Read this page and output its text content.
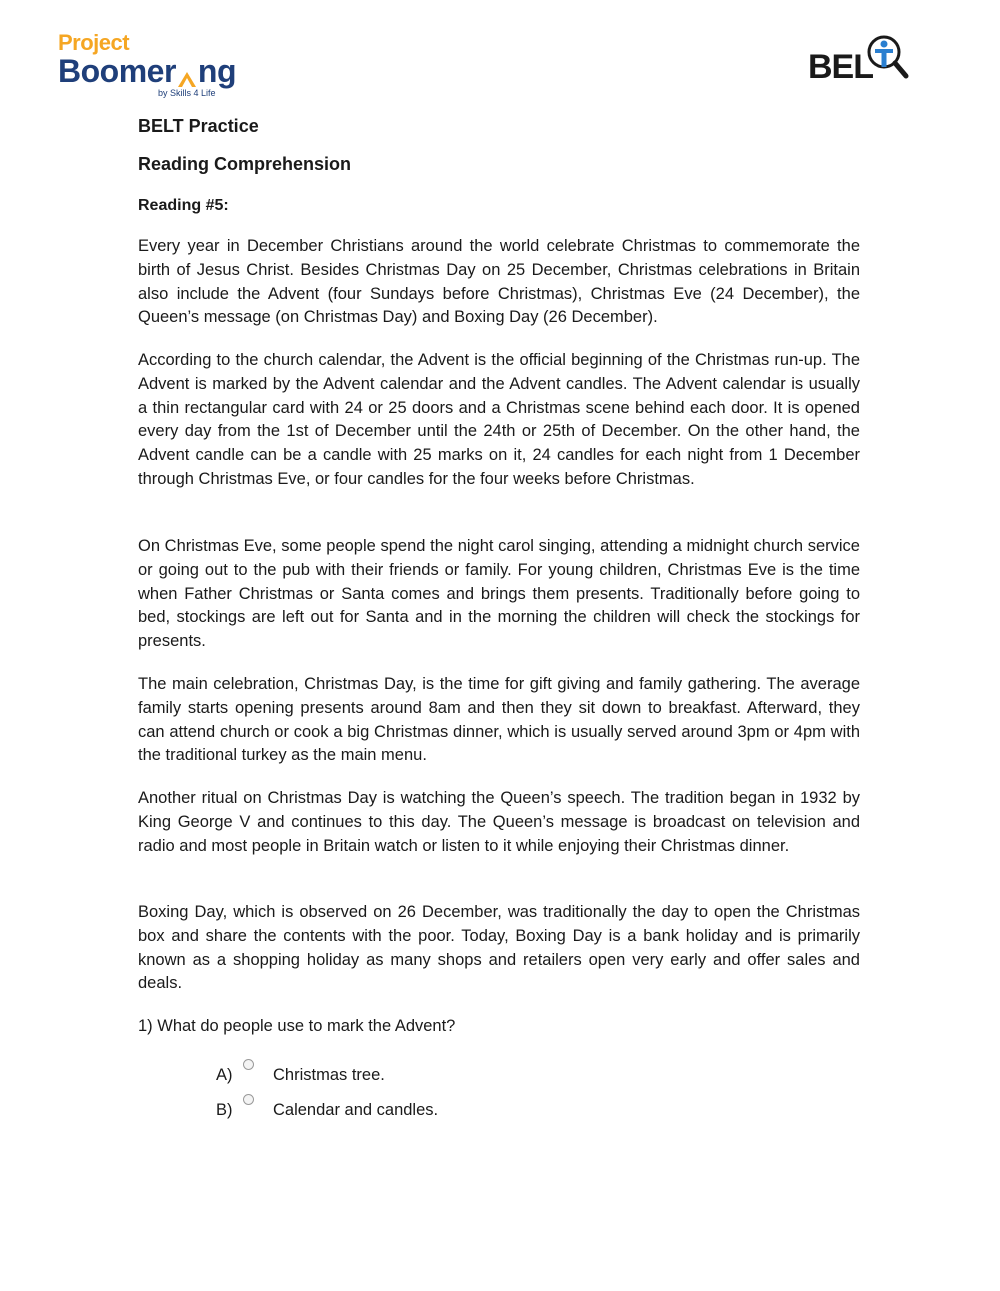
Project
Boomer ng
by Skills 4 Life
BEL
BELT Practice
Reading Comprehension
Reading #5:

Every year in December Christians around the world celebrate Christmas to commemorate the birth of Jesus Christ. Besides Christmas Day on 25 December, Christmas celebrations in Britain also include the Advent (four Sundays before Christmas), Christmas Eve (24 December), the Queen’s message (on Christmas Day) and Boxing Day (26 December).

According to the church calendar, the Advent is the official beginning of the Christmas run-up. The Advent is marked by the Advent calendar and the Advent candles. The Advent calendar is usually a thin rectangular card with 24 or 25 doors and a Christmas scene behind each door. It is opened every day from the 1st of December until the 24th or 25th of December. On the other hand, the Advent candle can be a candle with 25 marks on it, 24 candles for each night from 1 December through Christmas Eve, or four candles for the four weeks before Christmas.

On Christmas Eve, some people spend the night carol singing, attending a midnight church service or going out to the pub with their friends or family. For young children, Christmas Eve is the time when Father Christmas or Santa comes and brings them presents. Traditionally before going to bed, stockings are left out for Santa and in the morning the children will check the stockings for presents.

The main celebration, Christmas Day, is the time for gift giving and family gathering. The average family starts opening presents around 8am and then they sit down to breakfast. Afterward, they can attend church or cook a big Christmas dinner, which is usually served around 3pm or 4pm with the traditional turkey as the main menu.

Another ritual on Christmas Day is watching the Queen’s speech. The tradition began in 1932 by King George V and continues to this day. The Queen’s message is broadcast on television and radio and most people in Britain watch or listen to it while enjoying their Christmas dinner.

Boxing Day, which is observed on 26 December, was traditionally the day to open the Christmas box and share the contents with the poor. Today, Boxing Day is a bank holiday and is primarily known as a shopping holiday as many shops and retailers open very early and offer sales and deals.

1) What do people use to mark the Advent?
A) Christmas tree.
B) Calendar and candles.
